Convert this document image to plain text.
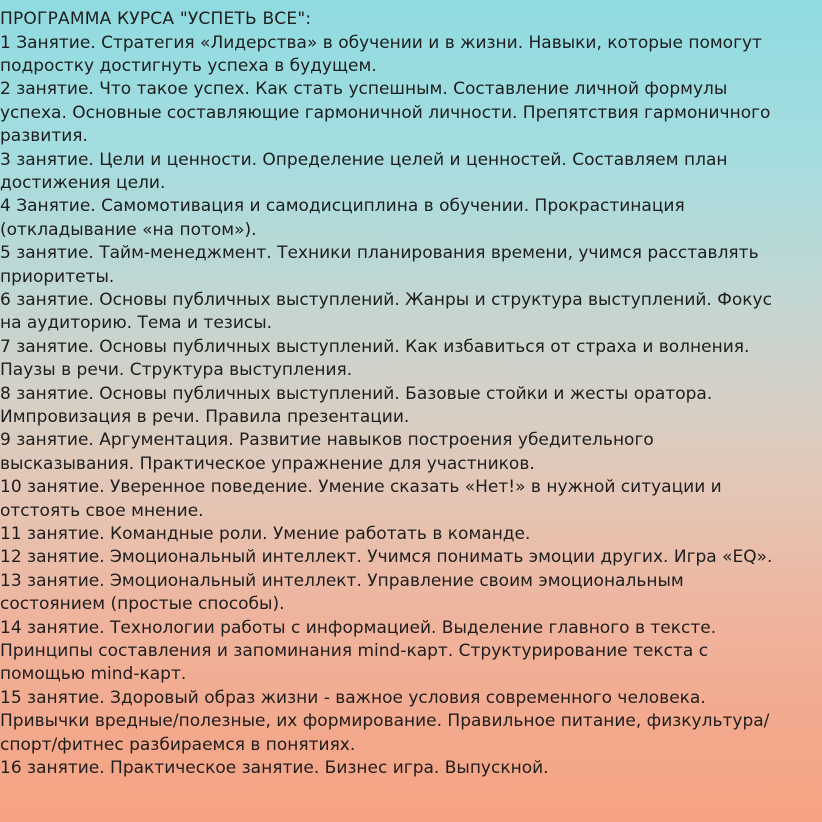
ПРОГРАММА КУРСА "УСПЕТЬ ВСЕ":

1 Занятие. Стратегия «Лидерства» в обучении и в жизни. Навыки, которые помогут
подростку достигнуть успеха в будущем.

2 занятие. Что такое успех. Как стать успешным. Составление личной формулы
успеха. Основные составляющие гармоничной личности. Препятствия гармоничного
развития.

3 занятие. Цели и ценности. Определение целей и ценностей. Составляем план
достижения цели.

4 Занятие. Самомотивация и самодисциплина в обучении. Прокрастинация
(откладывание «на потом»).

5 занятие. Тайм-менеджмент. Техники планирования времени, учимся расставлять
приоритеты.

6 занятие. Основы публичных выступлений. Жанры и структура выступлений. Фокус
на аудиторию. Тема и тезисы.

7 занятие. Основы публичных выступлений. Как избавиться от страха и волнения.
Паузы в речи. Структура выступления.

8 занятие. Основы публичных выступлений. Базовые стойки и жесты оратора.
Импровизация в речи. Правила презентации.

9 занятие. Аргументация. Развитие навыков построения убедительного
высказывания. Практическое упражнение для участников.

10 занятие. Уверенное поведение. Умение сказать «Нет!» в нужной ситуации и
отстоять свое мнение.

11 занятие. Командные роли. Умение работать в команде.

12 занятие. Эмоциональный интеллект. Учимся понимать эмоции других. Игра «EQ».

13 занятие. Эмоциональный интеллект. Управление своим эмоциональным
состоянием (простые способы).

14 занятие. Технологии работы с информацией. Выделение главного в тексте.
Принципы составления и запоминания mind-карт. Структурирование текста с
помощью mind-карт.

15 занятие. Здоровый образ жизни - важное условия современного человека.
Привычки вредные/полезные, их формирование. Правильное питание, физкультура/
спорт/фитнес разбираемся в понятиях.

16 занятие. Практическое занятие. Бизнес игра. Выпускной.
